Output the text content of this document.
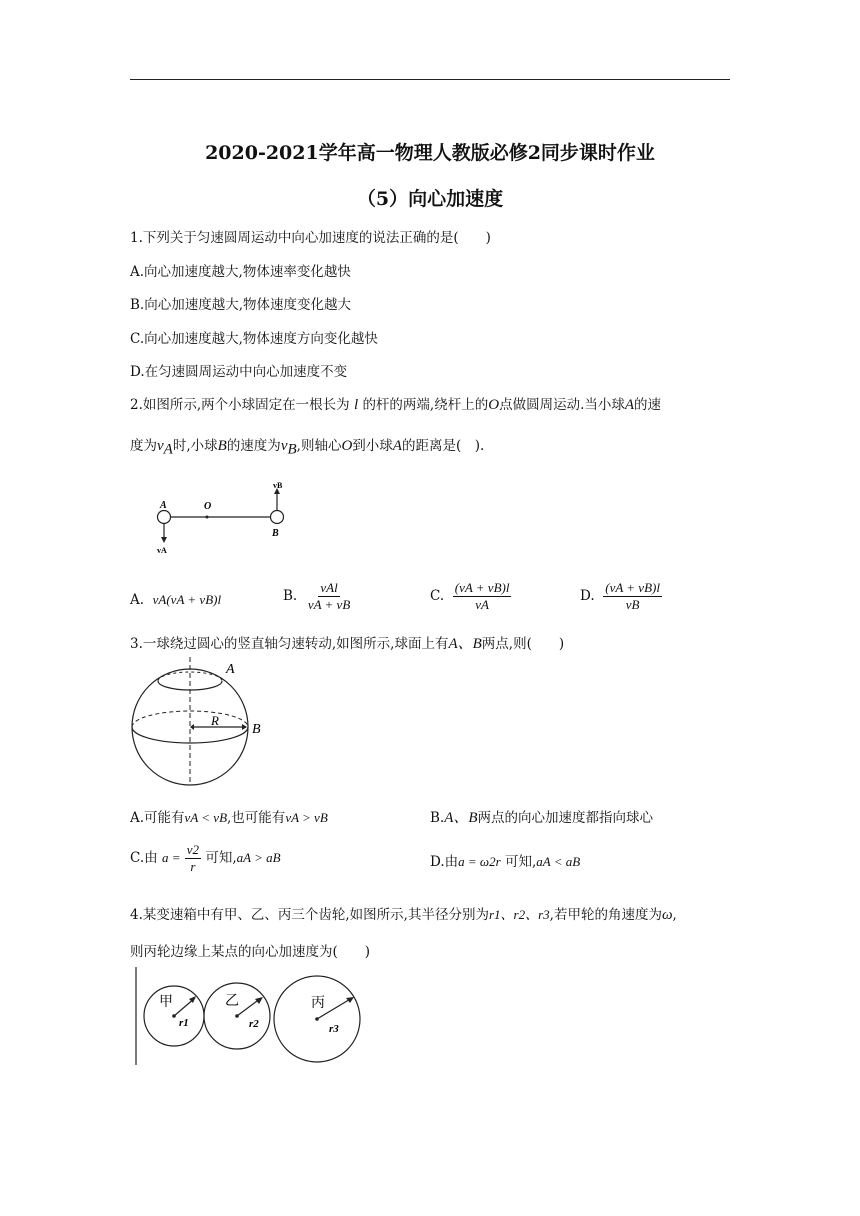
2020-2021学年高一物理人教版必修2同步课时作业
（5）向心加速度
1.下列关于匀速圆周运动中向心加速度的说法正确的是(　　)
A.向心加速度越大,物体速率变化越快
B.向心加速度越大,物体速度变化越大
C.向心加速度越大,物体速度方向变化越快
D.在匀速圆周运动中向心加速度不变
2.如图所示,两个小球固定在一根长为 l 的杆的两端,绕杆上的O点做圆周运动.当小球A的速
度为$v_A$时,小球B的速度为$v_B$,则轴心O到小球A的距离是(　).
A	O
B
vA
vB
A. vA(vA + vB)l	B. $\frac{\text{vAl}}{vA + vB}$	C. $\frac{(vA + vB)l}{vA}$	D. $\frac{(vA + vB)l}{vB}$
3.一球绕过圆心的竖直轴匀速转动,如图所示,球面上有A、B两点,则(　　)
A
B
R
A.可能有vA < vB,也可能有vA > vB	B.A、B两点的向心加速度都指向球心
C.由 $a = \frac{v2}{r}$ 可知,aA > aB	D.由a = ω2r 可知,aA < aB
4.某变速箱中有甲、乙、丙三个齿轮,如图所示,其半径分别为r1、r2、r3,若甲轮的角速度为ω,
则丙轮边缘上某点的向心加速度为(　　)
甲	乙	丙
r1	r2	r3
